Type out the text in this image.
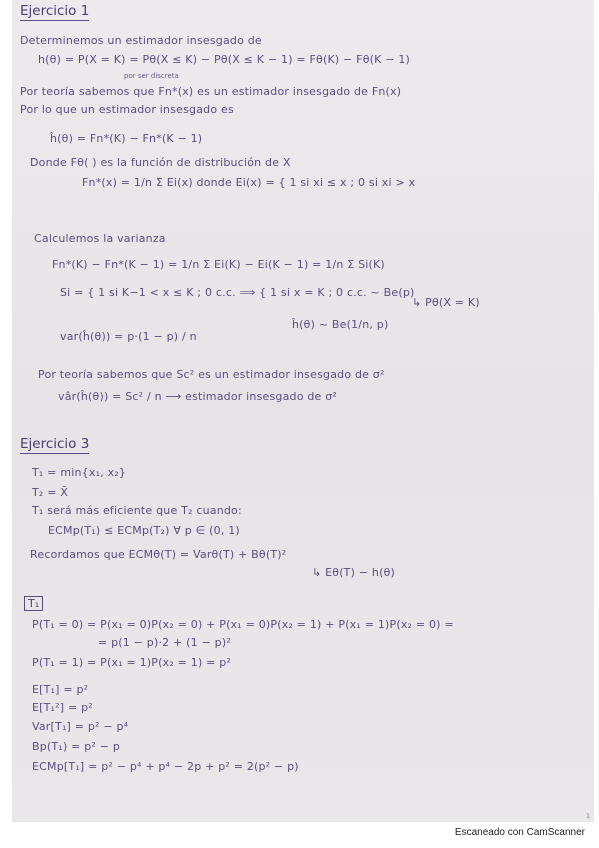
Ejercicio 1
Determinemos un estimador insesgado de
h(θ) = P(X = K) = Pθ(X ≤ K) − Pθ(X ≤ K − 1) = Fθ(K) − Fθ(K − 1)
por ser discreta
Por teoría sabemos que Fn*(x) es un estimador insesgado de Fn(x)
Por lo que un estimador insesgado es
ĥ(θ) = Fn*(K) − Fn*(K − 1)
Donde Fθ( ) es la función de distribución de X
Fn*(x) = 1/n Σ Ei(x) donde Ei(x) = { 1 si xi ≤ x ; 0 si xi > x
Calculemos la varianza
Fn*(K) − Fn*(K − 1) = 1/n Σ Ei(K) − Ei(K − 1) = 1/n Σ Si(K)
Si = { 1 si K−1 < x ≤ K ; 0 c.c. ⟹ { 1 si x = K ; 0 c.c. ~ Be(p)
↳ Pθ(X = K)
var(ĥ(θ)) = p·(1 − p) / n
ĥ(θ) ~ Be(1/n, p)
Por teoría sabemos que Sc² es un estimador insesgado de σ²
vâr(ĥ(θ)) = Sc² / n ⟶ estimador insesgado de σ²
Ejercicio 3
T₁ = min{x₁, x₂}
T₂ = X̄
T₁ será más eficiente que T₂ cuando:
ECMp(T₁) ≤ ECMp(T₂) ∀ p ∈ (0, 1)
Recordamos que ECMθ(T) = Varθ(T) + Bθ(T)²
↳ Eθ(T) − h(θ)
T₁
P(T₁ = 0) = P(x₁ = 0)P(x₂ = 0) + P(x₁ = 0)P(x₂ = 1) + P(x₁ = 1)P(x₂ = 0) =
= p(1 − p)·2 + (1 − p)²
P(T₁ = 1) = P(x₁ = 1)P(x₂ = 1) = p²
E[T₁] = p²
E[T₁²] = p²
Var[T₁] = p² − p⁴
Bp(T₁) = p² − p
ECMp[T₁] = p² − p⁴ + p⁴ − 2p + p² = 2(p² − p)
1
Escaneado con CamScanner
